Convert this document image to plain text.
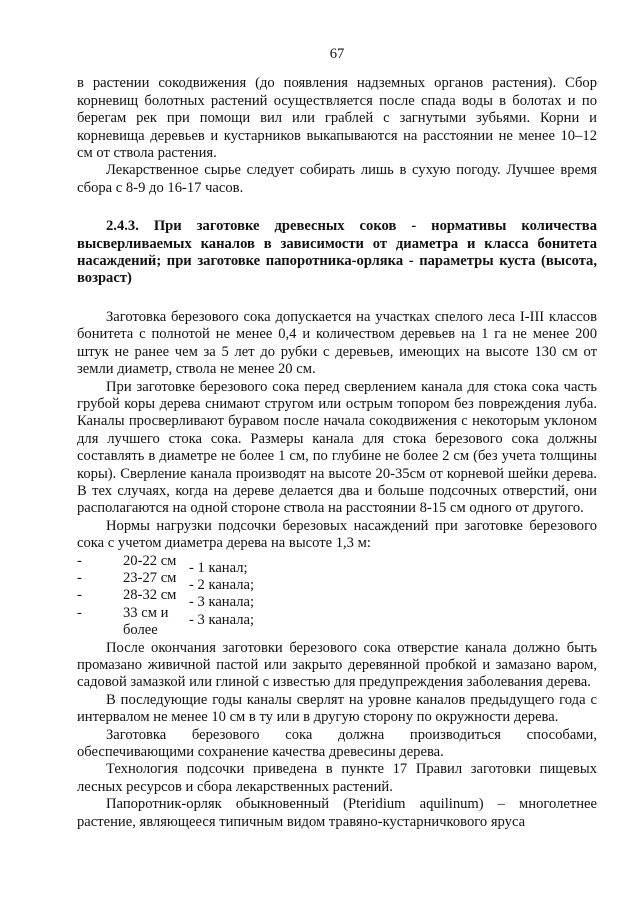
67

в растении сокодвижения (до появления надземных органов растения). Сбор корневищ болотных растений осуществляется после спада воды в болотах и по берегам рек при помощи вил или граблей с загнутыми зубьями. Корни и корневища деревьев и кустарников выкапываются на расстоянии не менее 10–12 см от ствола растения.

Лекарственное сырье следует собирать лишь в сухую погоду. Лучшее время сбора с 8-9 до 16-17 часов.

2.4.3. При заготовке древесных соков - нормативы количества высверливаемых каналов в зависимости от диаметра и класса бонитета насаждений; при заготовке папоротника-орляка - параметры куста (высота, возраст)

Заготовка березового сока допускается на участках спелого леса I-III классов бонитета с полнотой не менее 0,4 и количеством деревьев на 1 га не менее 200 штук не ранее чем за 5 лет до рубки с деревьев, имеющих на высоте 130 см от земли диаметр, ствола не менее 20 см.

При заготовке березового сока перед сверлением канала для стока сока часть грубой коры дерева снимают стругом или острым топором без повреждения луба. Каналы просверливают буравом после начала сокодвижения с некоторым уклоном для лучшего стока сока. Размеры канала для стока березового сока должны составлять в диаметре не более 1 см, по глубине не более 2 см (без учета толщины коры). Сверление канала производят на высоте 20-35см от корневой шейки дерева. В тех случаях, когда на дереве делается два и больше подсочных отверстий, они располагаются на одной стороне ствола на расстоянии 8-15 см одного от другого.

Нормы нагрузки подсочки березовых насаждений при заготовке березового сока с учетом диаметра дерева на высоте 1,3 м:

-
-
-
-
20-22 см
23-27 см
28-32 см
33 см и
более
- 1 канал;
- 2 канала;
- 3 канала;
- 3 канала;

После окончания заготовки березового сока отверстие канала должно быть промазано живичной пастой или закрыто деревянной пробкой и замазано варом, садовой замазкой или глиной с известью для предупреждения заболевания дерева.

В последующие годы каналы сверлят на уровне каналов предыдущего года с интервалом не менее 10 см в ту или в другую сторону по окружности дерева.

Заготовка березового сока должна производиться способами, обеспечивающими сохранение качества древесины дерева.

Технология подсочки приведена в пункте 17 Правил заготовки пищевых лесных ресурсов и сбора лекарственных растений.

Папоротник-орляк обыкновенный (Pteridium aquilinum) – многолетнее растение, являющееся типичным видом травяно-кустарничкового яруса
